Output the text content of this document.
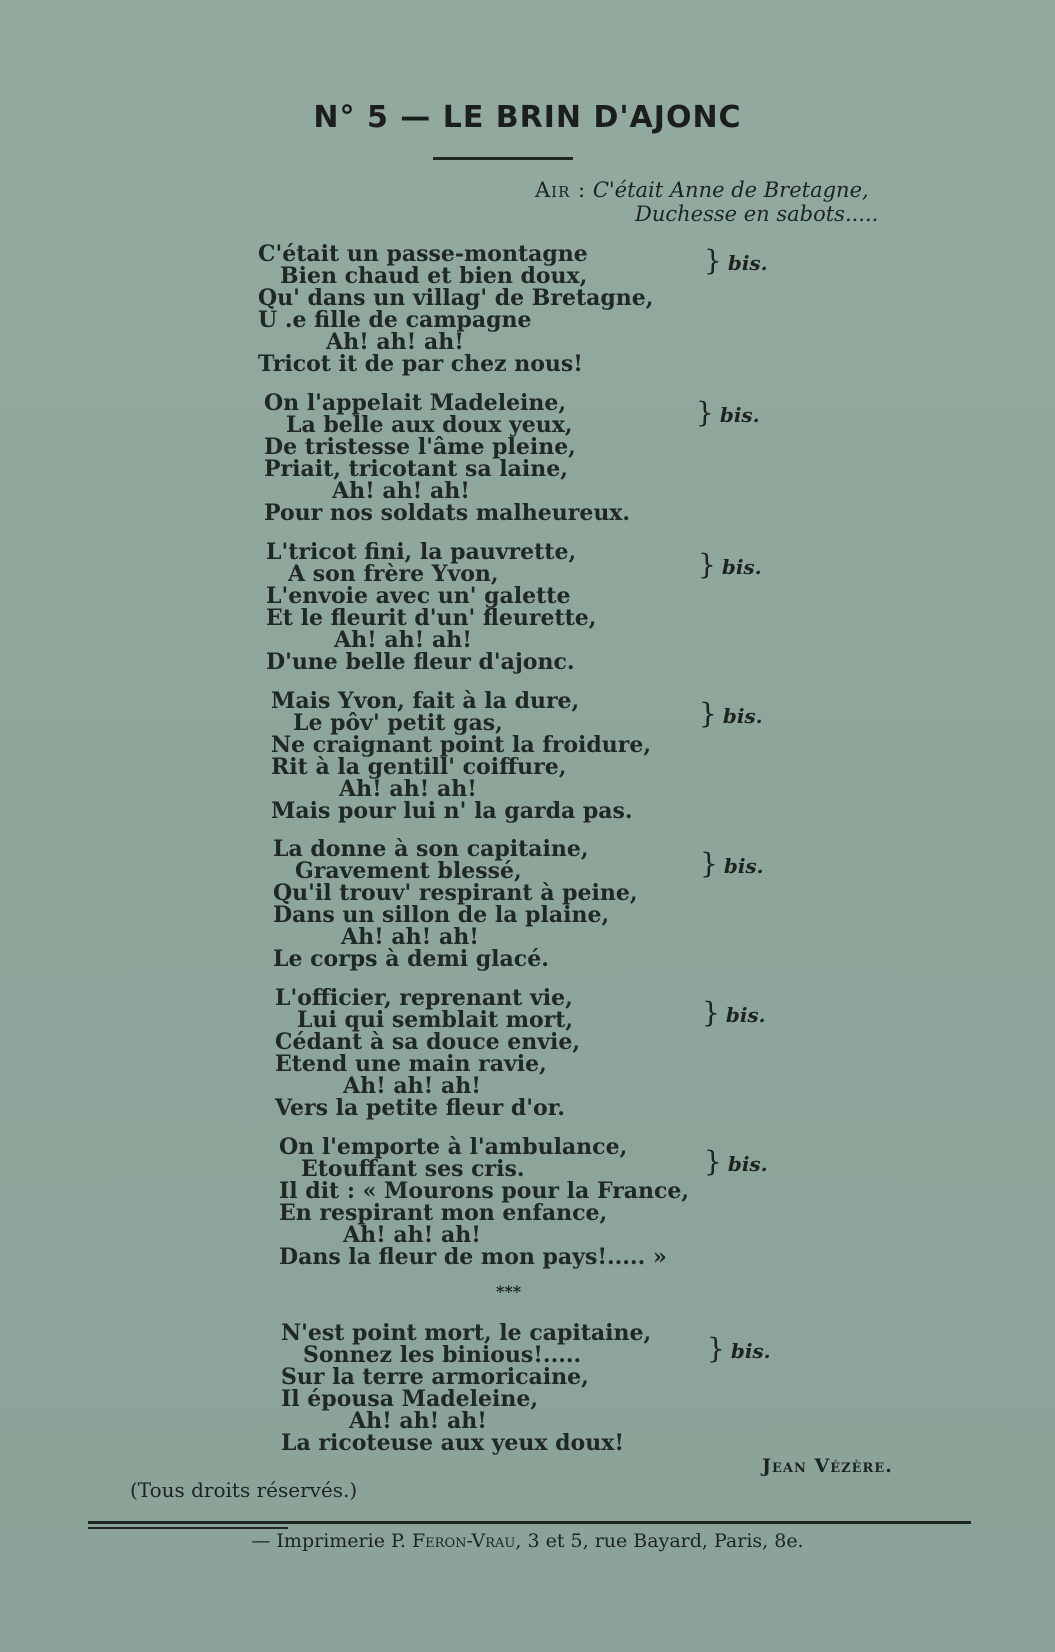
N° 5 — LE BRIN D'AJONC
Air : C'était Anne de Bretagne,
Duchesse en sabots.....
C'était un passe-montagne
Bien chaud et bien doux,
Qu' dans un villag' de Bretagne,
U .e fille de campagne
Ah! ah! ah!
Tricot it de par chez nous!
} bis.
On l'appelait Madeleine,
La belle aux doux yeux,
De tristesse l'âme pleine,
Priait, tricotant sa laine,
Ah! ah! ah!
Pour nos soldats malheureux.
} bis.
L'tricot fini, la pauvrette,
A son frère Yvon,
L'envoie avec un' galette
Et le fleurit d'un' fleurette,
Ah! ah! ah!
D'une belle fleur d'ajonc.
} bis.
Mais Yvon, fait à la dure,
Le pôv' petit gas,
Ne craignant point la froidure,
Rit à la gentill' coiffure,
Ah! ah! ah!
Mais pour lui n' la garda pas.
} bis.
La donne à son capitaine,
Gravement blessé,
Qu'il trouv' respirant à peine,
Dans un sillon de la plaine,
Ah! ah! ah!
Le corps à demi glacé.
} bis.
L'officier, reprenant vie,
Lui qui semblait mort,
Cédant à sa douce envie,
Etend une main ravie,
Ah! ah! ah!
Vers la petite fleur d'or.
} bis.
On l'emporte à l'ambulance,
Etouffant ses cris.
Il dit : « Mourons pour la France,
En respirant mon enfance,
Ah! ah! ah!
Dans la fleur de mon pays!..... »
} bis.
***
N'est point mort, le capitaine,
Sonnez les binious!.....
Sur la terre armoricaine,
Il épousa Madeleine,
Ah! ah! ah!
La ricoteuse aux yeux doux!
} bis.
Jean Vézère.
(Tous droits réservés.)
— Imprimerie P. Feron-Vrau, 3 et 5, rue Bayard, Paris, 8e.
